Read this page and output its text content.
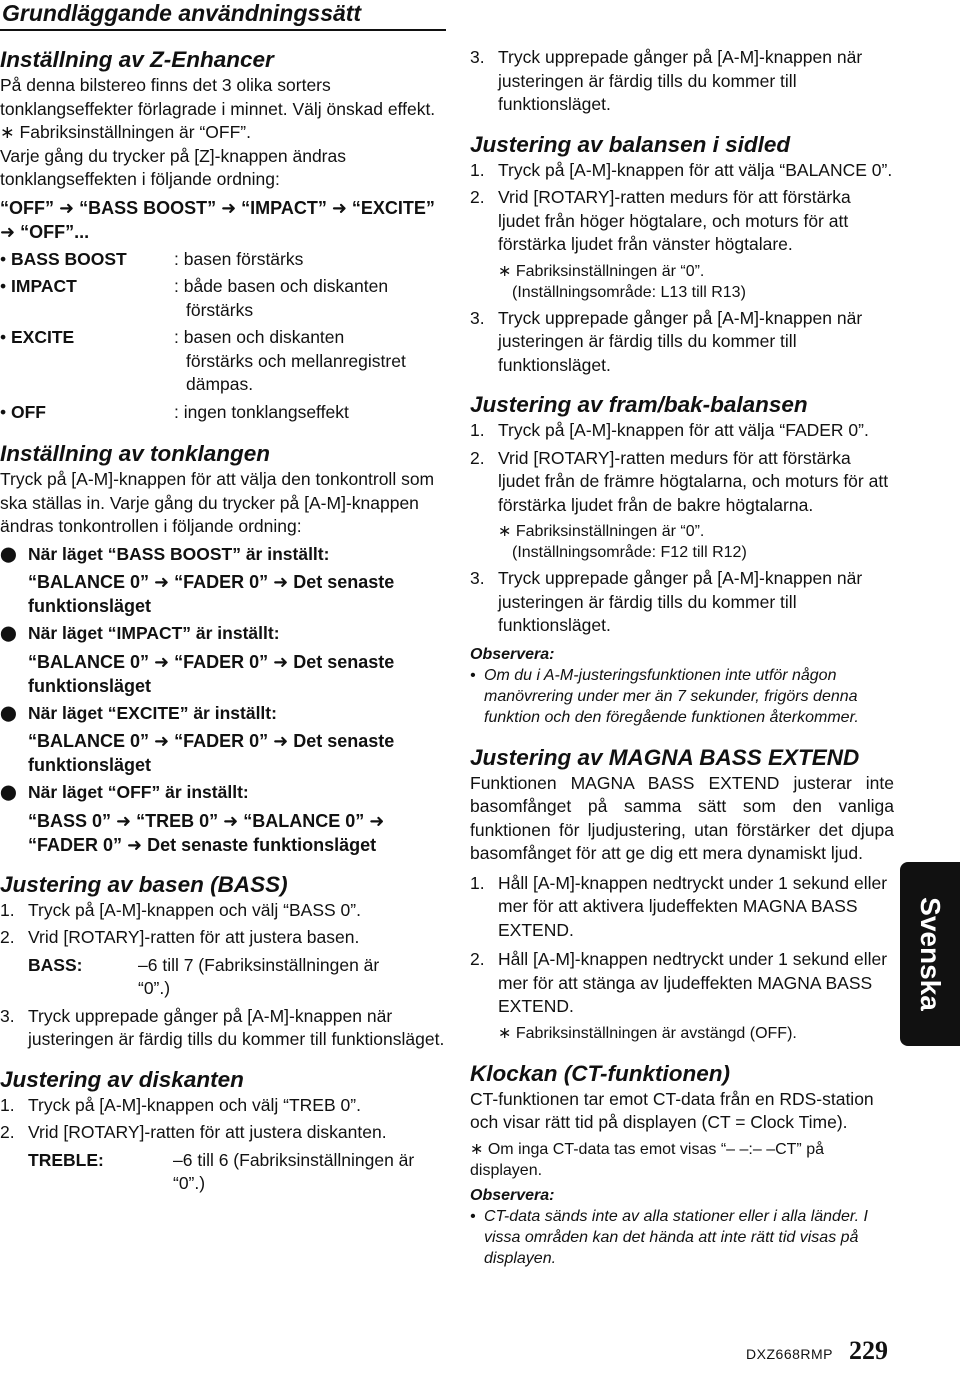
Grundläggande användningssätt
Inställning av Z-Enhancer

På denna bilstereo finns det 3 olika sorters tonklangseffekter förlagrade i minnet. Välj önskad effekt.

∗ Fabriksinställningen är “OFF”.

Varje gång du trycker på [Z]-knappen ändras tonklangseffekten i följande ordning:

“OFF” ➜ “BASS BOOST” ➜ “IMPACT” ➜ “EXCITE” ➜ “OFF”...
• BASS BOOST	: basen förstärks
• IMPACT	: både basen och diskanten förstärks
• EXCITE	: basen och diskanten förstärks och mellanregistret dämpas.
• OFF	: ingen tonklangseffekt
Inställning av tonklangen

Tryck på [A-M]-knappen för att välja den tonkontroll som ska ställas in. Varje gång du trycker på [A-M]-knappen ändras tonkontrollen i följande ordning:

⬤ När läget “BASS BOOST” är inställt:
“BALANCE 0” ➜ “FADER 0” ➜ Det senaste funktionsläget
⬤ När läget “IMPACT” är inställt:
“BALANCE 0” ➜ “FADER 0” ➜ Det senaste funktionsläget
⬤ När läget “EXCITE” är inställt:
“BALANCE 0” ➜ “FADER 0” ➜ Det senaste funktionsläget
⬤ När läget “OFF” är inställt:
“BASS 0” ➜ “TREB 0” ➜ “BALANCE 0” ➜ “FADER 0” ➜ Det senaste funktionsläget
Justering av basen (BASS)
1. Tryck på [A-M]-knappen och välj “BASS 0”.
2. Vrid [ROTARY]-ratten för att justera basen.
BASS:	–6 till 7 (Fabriksinställningen är “0”.)
3. Tryck upprepade gånger på [A-M]-knappen när justeringen är färdig tills du kommer till funktionsläget.
Justering av diskanten
1. Tryck på [A-M]-knappen och välj “TREB 0”.
2. Vrid [ROTARY]-ratten för att justera diskanten.
TREBLE:	–6 till 6 (Fabriksinställningen är “0”.)
3. Tryck upprepade gånger på [A-M]-knappen när justeringen är färdig tills du kommer till funktionsläget.
Justering av balansen i sidled
1. Tryck på [A-M]-knappen för att välja “BALANCE 0”.
2. Vrid [ROTARY]-ratten medurs för att förstärka ljudet från höger högtalare, och moturs för att förstärka ljudet från vänster högtalare.
∗ Fabriksinställningen är “0”.
(Inställningsområde: L13 till R13)
3. Tryck upprepade gånger på [A-M]-knappen när justeringen är färdig tills du kommer till funktionsläget.
Justering av fram/bak-balansen
1. Tryck på [A-M]-knappen för att välja “FADER 0”.
2. Vrid [ROTARY]-ratten medurs för att förstärka ljudet från de främre högtalarna, och moturs för att förstärka ljudet från de bakre högtalarna.
∗ Fabriksinställningen är “0”.
(Inställningsområde: F12 till R12)
3. Tryck upprepade gånger på [A-M]-knappen när justeringen är färdig tills du kommer till funktionsläget.
Observera:
• Om du i A-M-justeringsfunktionen inte utför någon manövrering under mer än 7 sekunder, frigörs denna funktion och den föregående funktionen återkommer.
Justering av MAGNA BASS EXTEND

Funktionen MAGNA BASS EXTEND justerar inte basomfånget på samma sätt som den vanliga funktionen för ljudjustering, utan förstärker det djupa basomfånget för att ge dig ett mera dynamiskt ljud.

1. Håll [A-M]-knappen nedtryckt under 1 sekund eller mer för att aktivera ljudeffekten MAGNA BASS EXTEND.
2. Håll [A-M]-knappen nedtryckt under 1 sekund eller mer för att stänga av ljudeffekten MAGNA BASS EXTEND.
∗ Fabriksinställningen är avstängd (OFF).
Klockan (CT-funktionen)

CT-funktionen tar emot CT-data från en RDS-station och visar rätt tid på displayen (CT = Clock Time).

∗ Om inga CT-data tas emot visas “– –:– –CT” på displayen.
Observera:
• CT-data sänds inte av alla stationer eller i alla länder. I vissa områden kan det hända att inte rätt tid visas på displayen.
Svenska
DXZ668RMP 229
